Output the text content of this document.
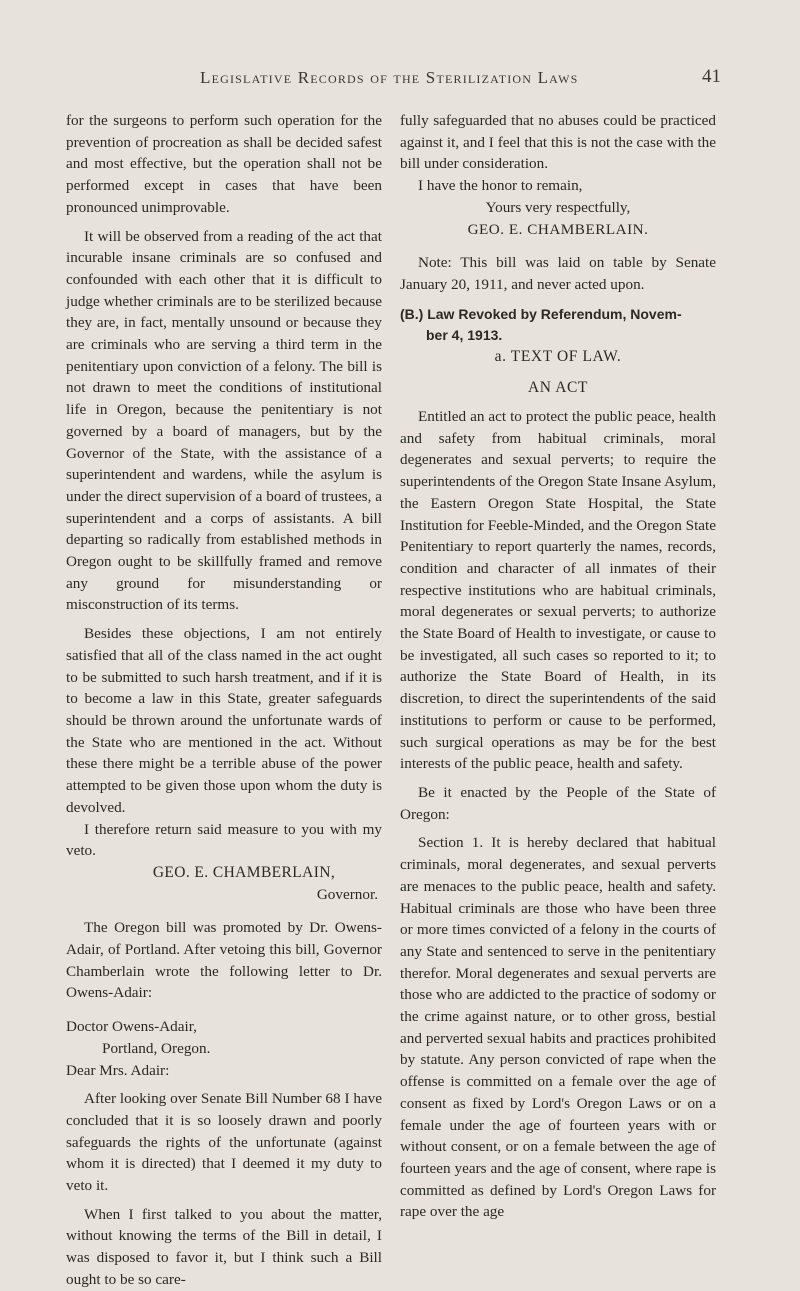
Legislative Records of the Sterilization Laws	41

for the surgeons to perform such operation for the prevention of procreation as shall be decided safest and most effective, but the operation shall not be performed except in cases that have been pronounced unimprovable.

It will be observed from a reading of the act that incurable insane criminals are so confused and confounded with each other that it is difficult to judge whether criminals are to be sterilized because they are, in fact, mentally unsound or because they are criminals who are serving a third term in the penitentiary upon conviction of a felony. The bill is not drawn to meet the conditions of institutional life in Oregon, because the penitentiary is not governed by a board of managers, but by the Governor of the State, with the assistance of a superintendent and wardens, while the asylum is under the direct supervision of a board of trustees, a superintendent and a corps of assistants. A bill departing so radically from established methods in Oregon ought to be skillfully framed and remove any ground for misunderstanding or misconstruction of its terms.

Besides these objections, I am not entirely satisfied that all of the class named in the act ought to be submitted to such harsh treatment, and if it is to become a law in this State, greater safeguards should be thrown around the unfortunate wards of the State who are mentioned in the act. Without these there might be a terrible abuse of the power attempted to be given those upon whom the duty is devolved.

I therefore return said measure to you with my veto.

GEO. E. CHAMBERLAIN,

Governor.

The Oregon bill was promoted by Dr. Owens-Adair, of Portland. After vetoing this bill, Governor Chamberlain wrote the following letter to Dr. Owens-Adair:

Doctor Owens-Adair,

Portland, Oregon.

Dear Mrs. Adair:

After looking over Senate Bill Number 68 I have concluded that it is so loosely drawn and poorly safeguards the rights of the unfortunate (against whom it is directed) that I deemed it my duty to veto it.

When I first talked to you about the matter, without knowing the terms of the Bill in detail, I was disposed to favor it, but I think such a Bill ought to be so care-

fully safeguarded that no abuses could be practiced against it, and I feel that this is not the case with the bill under consideration.

I have the honor to remain,

Yours very respectfully,

GEO. E. CHAMBERLAIN.

Note: This bill was laid on table by Senate January 20, 1911, and never acted upon.

(B.) Law Revoked by Referendum, Novem-
ber 4, 1913.

a. TEXT OF LAW.

AN ACT

Entitled an act to protect the public peace, health and safety from habitual criminals, moral degenerates and sexual perverts; to require the superintendents of the Oregon State Insane Asylum, the Eastern Oregon State Hospital, the State Institution for Feeble-Minded, and the Oregon State Penitentiary to report quarterly the names, records, condition and character of all inmates of their respective institutions who are habitual criminals, moral degenerates or sexual perverts; to authorize the State Board of Health to investigate, or cause to be investigated, all such cases so reported to it; to authorize the State Board of Health, in its discretion, to direct the superintendents of the said institutions to perform or cause to be performed, such surgical operations as may be for the best interests of the public peace, health and safety.

Be it enacted by the People of the State of Oregon:

Section 1. It is hereby declared that habitual criminals, moral degenerates, and sexual perverts are menaces to the public peace, health and safety. Habitual criminals are those who have been three or more times convicted of a felony in the courts of any State and sentenced to serve in the penitentiary therefor. Moral degenerates and sexual perverts are those who are addicted to the practice of sodomy or the crime against nature, or to other gross, bestial and perverted sexual habits and practices prohibited by statute. Any person convicted of rape when the offense is committed on a female over the age of consent as fixed by Lord's Oregon Laws or on a female under the age of fourteen years with or without consent, or on a female between the age of fourteen years and the age of consent, where rape is committed as defined by Lord's Oregon Laws for rape over the age
